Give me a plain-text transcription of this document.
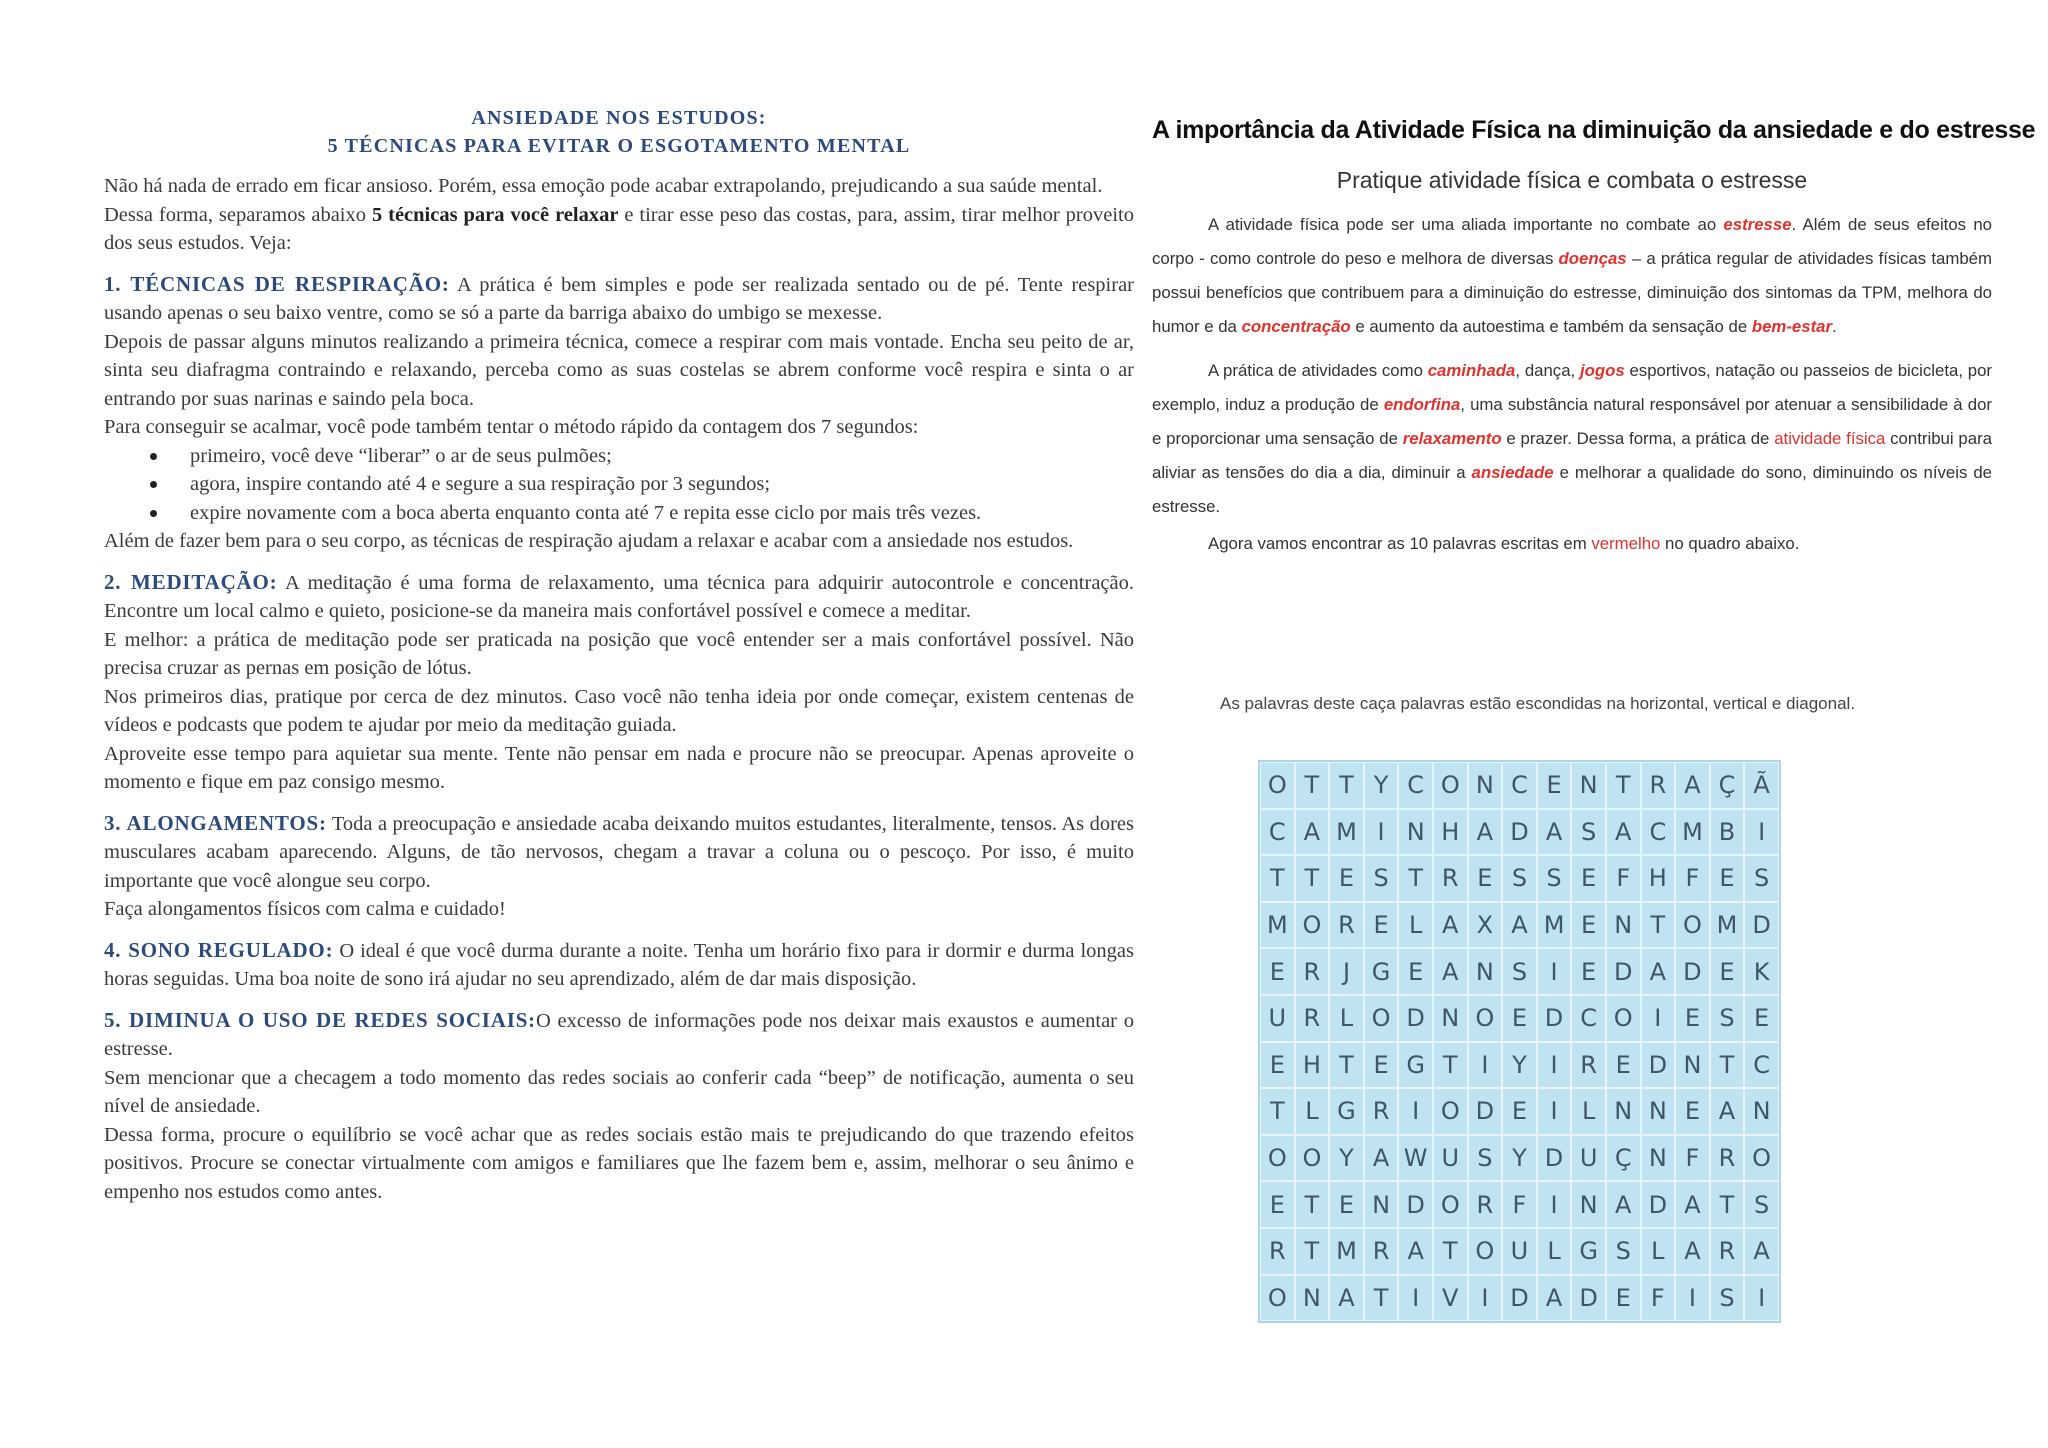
ANSIEDADE NOS ESTUDOS:
5 TÉCNICAS PARA EVITAR O ESGOTAMENTO MENTAL

Não há nada de errado em ficar ansioso. Porém, essa emoção pode acabar extrapolando, prejudicando a sua saúde mental.

Dessa forma, separamos abaixo 5 técnicas para você relaxar e tirar esse peso das costas, para, assim, tirar melhor proveito dos seus estudos. Veja:

1. TÉCNICAS DE RESPIRAÇÃO: A prática é bem simples e pode ser realizada sentado ou de pé. Tente respirar usando apenas o seu baixo ventre, como se só a parte da barriga abaixo do umbigo se mexesse.

Depois de passar alguns minutos realizando a primeira técnica, comece a respirar com mais vontade. Encha seu peito de ar, sinta seu diafragma contraindo e relaxando, perceba como as suas costelas se abrem conforme você respira e sinta o ar entrando por suas narinas e saindo pela boca.

Para conseguir se acalmar, você pode também tentar o método rápido da contagem dos 7 segundos:

primeiro, você deve “liberar” o ar de seus pulmões;
agora, inspire contando até 4 e segure a sua respiração por 3 segundos;
expire novamente com a boca aberta enquanto conta até 7 e repita esse ciclo por mais três vezes.

Além de fazer bem para o seu corpo, as técnicas de respiração ajudam a relaxar e acabar com a ansiedade nos estudos.

2. MEDITAÇÃO: A meditação é uma forma de relaxamento, uma técnica para adquirir autocontrole e concentração. Encontre um local calmo e quieto, posicione-se da maneira mais confortável possível e comece a meditar.

E melhor: a prática de meditação pode ser praticada na posição que você entender ser a mais confortável possível. Não precisa cruzar as pernas em posição de lótus.

Nos primeiros dias, pratique por cerca de dez minutos. Caso você não tenha ideia por onde começar, existem centenas de vídeos e podcasts que podem te ajudar por meio da meditação guiada.

Aproveite esse tempo para aquietar sua mente. Tente não pensar em nada e procure não se preocupar. Apenas aproveite o momento e fique em paz consigo mesmo.

3. ALONGAMENTOS: Toda a preocupação e ansiedade acaba deixando muitos estudantes, literalmente, tensos. As dores musculares acabam aparecendo. Alguns, de tão nervosos, chegam a travar a coluna ou o pescoço. Por isso, é muito importante que você alongue seu corpo.

Faça alongamentos físicos com calma e cuidado!

4. SONO REGULADO: O ideal é que você durma durante a noite. Tenha um horário fixo para ir dormir e durma longas horas seguidas. Uma boa noite de sono irá ajudar no seu aprendizado, além de dar mais disposição.

5. DIMINUA O USO DE REDES SOCIAIS:O excesso de informações pode nos deixar mais exaustos e aumentar o estresse.

Sem mencionar que a checagem a todo momento das redes sociais ao conferir cada “beep” de notificação, aumenta o seu nível de ansiedade.

Dessa forma, procure o equilíbrio se você achar que as redes sociais estão mais te prejudicando do que trazendo efeitos positivos. Procure se conectar virtualmente com amigos e familiares que lhe fazem bem e, assim, melhorar o seu ânimo e empenho nos estudos como antes.

A importância da Atividade Física na diminuição da ansiedade e do estresse
Pratique atividade física e combata o estresse

A atividade física pode ser uma aliada importante no combate ao estresse. Além de seus efeitos no corpo - como controle do peso e melhora de diversas doenças – a prática regular de atividades físicas também possui benefícios que contribuem para a diminuição do estresse, diminuição dos sintomas da TPM, melhora do humor e da concentração e aumento da autoestima e também da sensação de bem-estar.

A prática de atividades como caminhada, dança, jogos esportivos, natação ou passeios de bicicleta, por exemplo, induz a produção de endorfina, uma substância natural responsável por atenuar a sensibilidade à dor e proporcionar uma sensação de relaxamento e prazer. Dessa forma, a prática de atividade física contribui para aliviar as tensões do dia a dia, diminuir a ansiedade e melhorar a qualidade do sono, diminuindo os níveis de estresse.

Agora vamos encontrar as 10 palavras escritas em vermelho no quadro abaixo.

As palavras deste caça palavras estão escondidas na horizontal, vertical e diagonal.
O T T Y C O N C E N T R A Ç Ã
C A M I N H A D A S A C M B I
T T E S T R E S S E F H F E S
M O R E L A X A M E N T O M D
E R J G E A N S I E D A D E K
U R L O D N O E D C O I E S E
E H T E G T I Y I R E D N T C
T L G R I O D E I	L N N E A N
O O Y A W U S Y D U Ç N F R O
E T E N D O R F	I N A D A T S
R T M R A T O U L G S L A R A
O N A T I V I D A D E F	I S I
